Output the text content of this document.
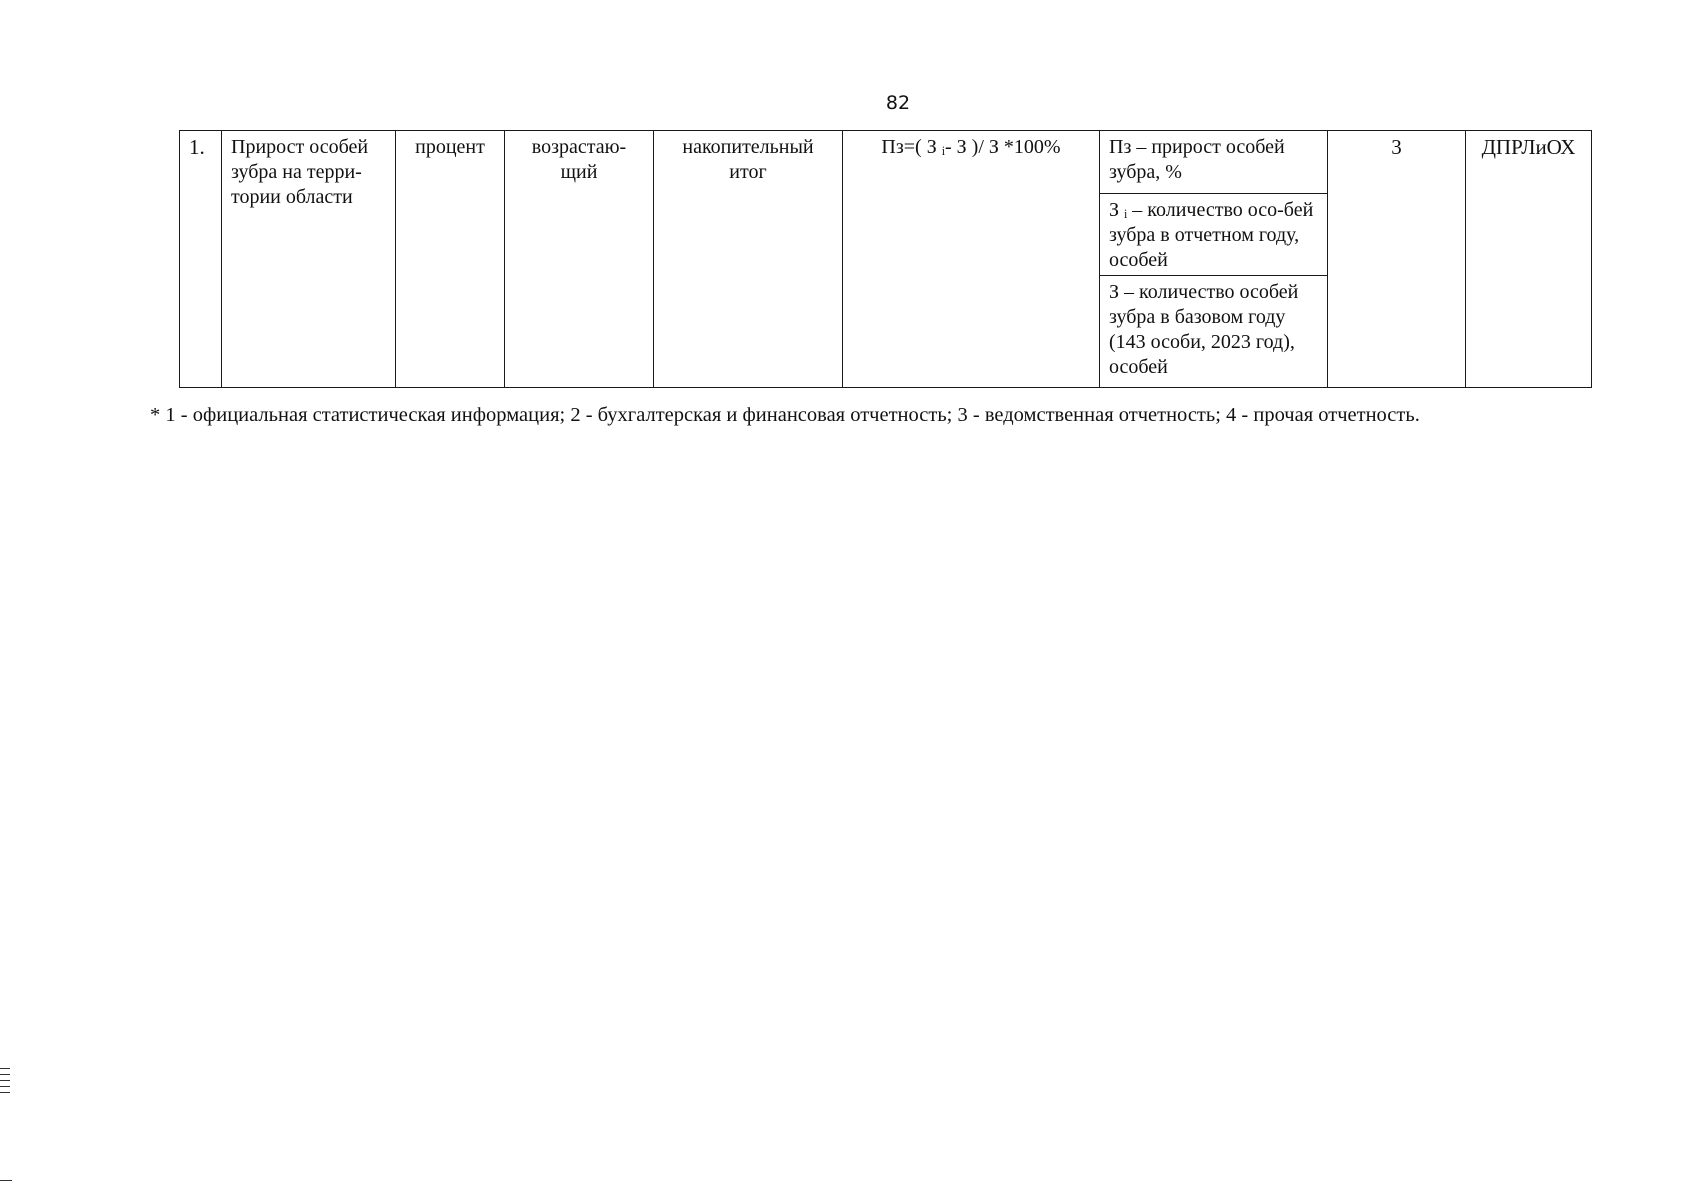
82
1.	Прирост особей зубра на терри-тории области	процент	возрастаю-щий	накопительный итог	Пз=( З ᵢ- З )/ З *100%	Пз – прирост особей зубра, %	3	ДПРЛиОХ
З ᵢ – количество осо-бей зубра в отчетном году, особей
З – количество особей зубра в базовом году (143 особи, 2023 год), особей
* 1 - официальная статистическая информация; 2 - бухгалтерская и финансовая отчетность; 3 - ведомственная отчетность; 4 - прочая отчетность.
